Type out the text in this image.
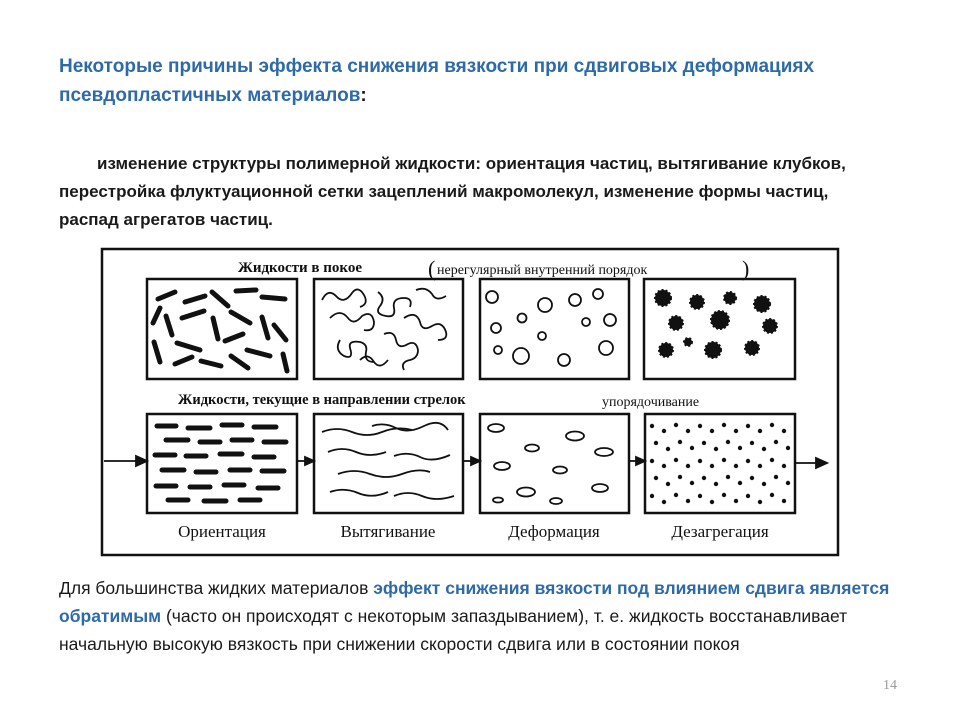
Некоторые причины эффекта снижения вязкости при сдвиговых деформациях псевдопластичных материалов:

изменение структуры полимерной жидкости: ориентация частиц, вытягивание клубков, перестройка флуктуационной сетки зацеплений макромолекул, изменение формы частиц, распад агрегатов частиц.

Жидкости в покое	( нерегулярный внутренний порядок	)
Жидкости, текущие в направлении стрелок	упорядочивание
Ориентация	Вытягивание	Деформация	Дезагрегация

Для большинства жидких материалов эффект снижения вязкости под влиянием сдвига является обратимым (часто он происходят с некоторым запаздыванием), т. е. жидкость восстанавливает начальную высокую вязкость при снижении скорости сдвига или в состоянии покоя

14
